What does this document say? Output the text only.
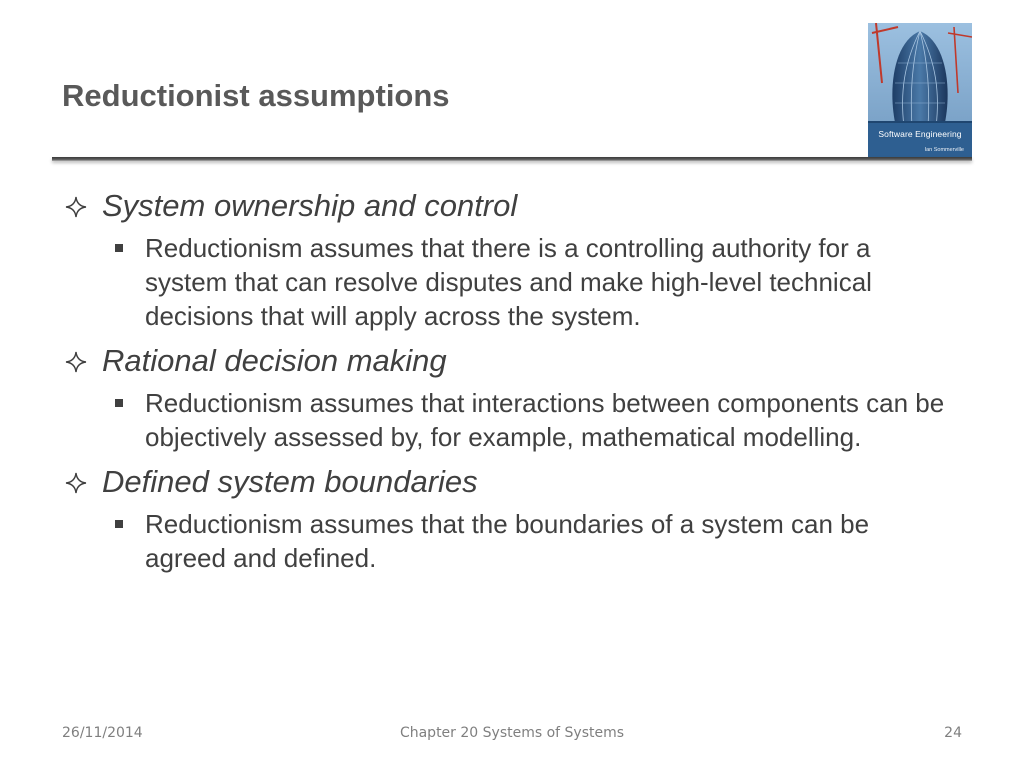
Reductionist assumptions
Software Engineering
Ian Sommerville
System ownership and control
Reductionism assumes that there is a controlling authority for a system that can resolve disputes and make high-level technical decisions that will apply across the system.
Rational decision making
Reductionism assumes that interactions between components can be objectively assessed by, for example, mathematical modelling.
Defined system boundaries
Reductionism assumes that the boundaries of a system can be agreed and defined.
26/11/2014	Chapter 20 Systems of Systems	24
